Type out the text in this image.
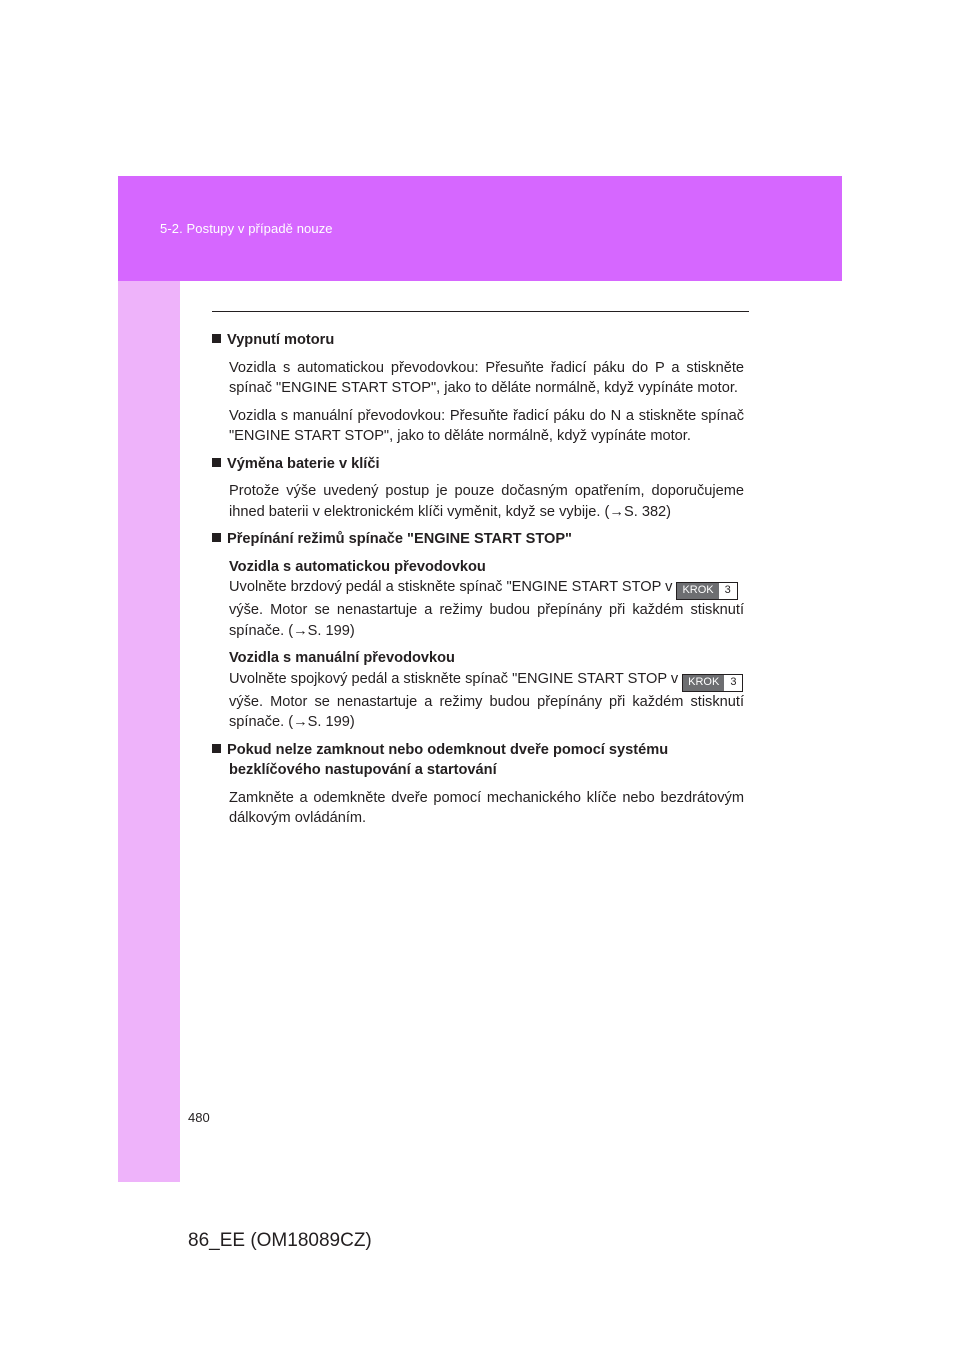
5-2. Postupy v případě nouze
Vypnutí motoru
Vozidla s automatickou převodovkou: Přesuňte řadicí páku do P a stiskněte spínač "ENGINE START STOP", jako to děláte normálně, když vypínáte motor.
Vozidla s manuální převodovkou: Přesuňte řadicí páku do N a stiskněte spínač "ENGINE START STOP", jako to děláte normálně, když vypínáte motor.
Výměna baterie v klíči
Protože výše uvedený postup je pouze dočasným opatřením, doporučujeme ihned baterii v elektronickém klíči vyměnit, když se vybije. (→S. 382)
Přepínání režimů spínače "ENGINE START STOP"
Vozidla s automatickou převodovkou
Uvolněte brzdový pedál a stiskněte spínač "ENGINE START STOP v KROK 3
výše. Motor se nenastartuje a režimy budou přepínány při každém stisknutí spínače. (→S. 199)
Vozidla s manuální převodovkou
Uvolněte spojkový pedál a stiskněte spínač "ENGINE START STOP v KROK 3
výše. Motor se nenastartuje a režimy budou přepínány při každém stisknutí spínače. (→S. 199)
Pokud nelze zamknout nebo odemknout dveře pomocí systému bezklíčového nastupování a startování
Zamkněte a odemkněte dveře pomocí mechanického klíče nebo bezdrátovým dálkovým ovládáním.
480
86_EE (OM18089CZ)
